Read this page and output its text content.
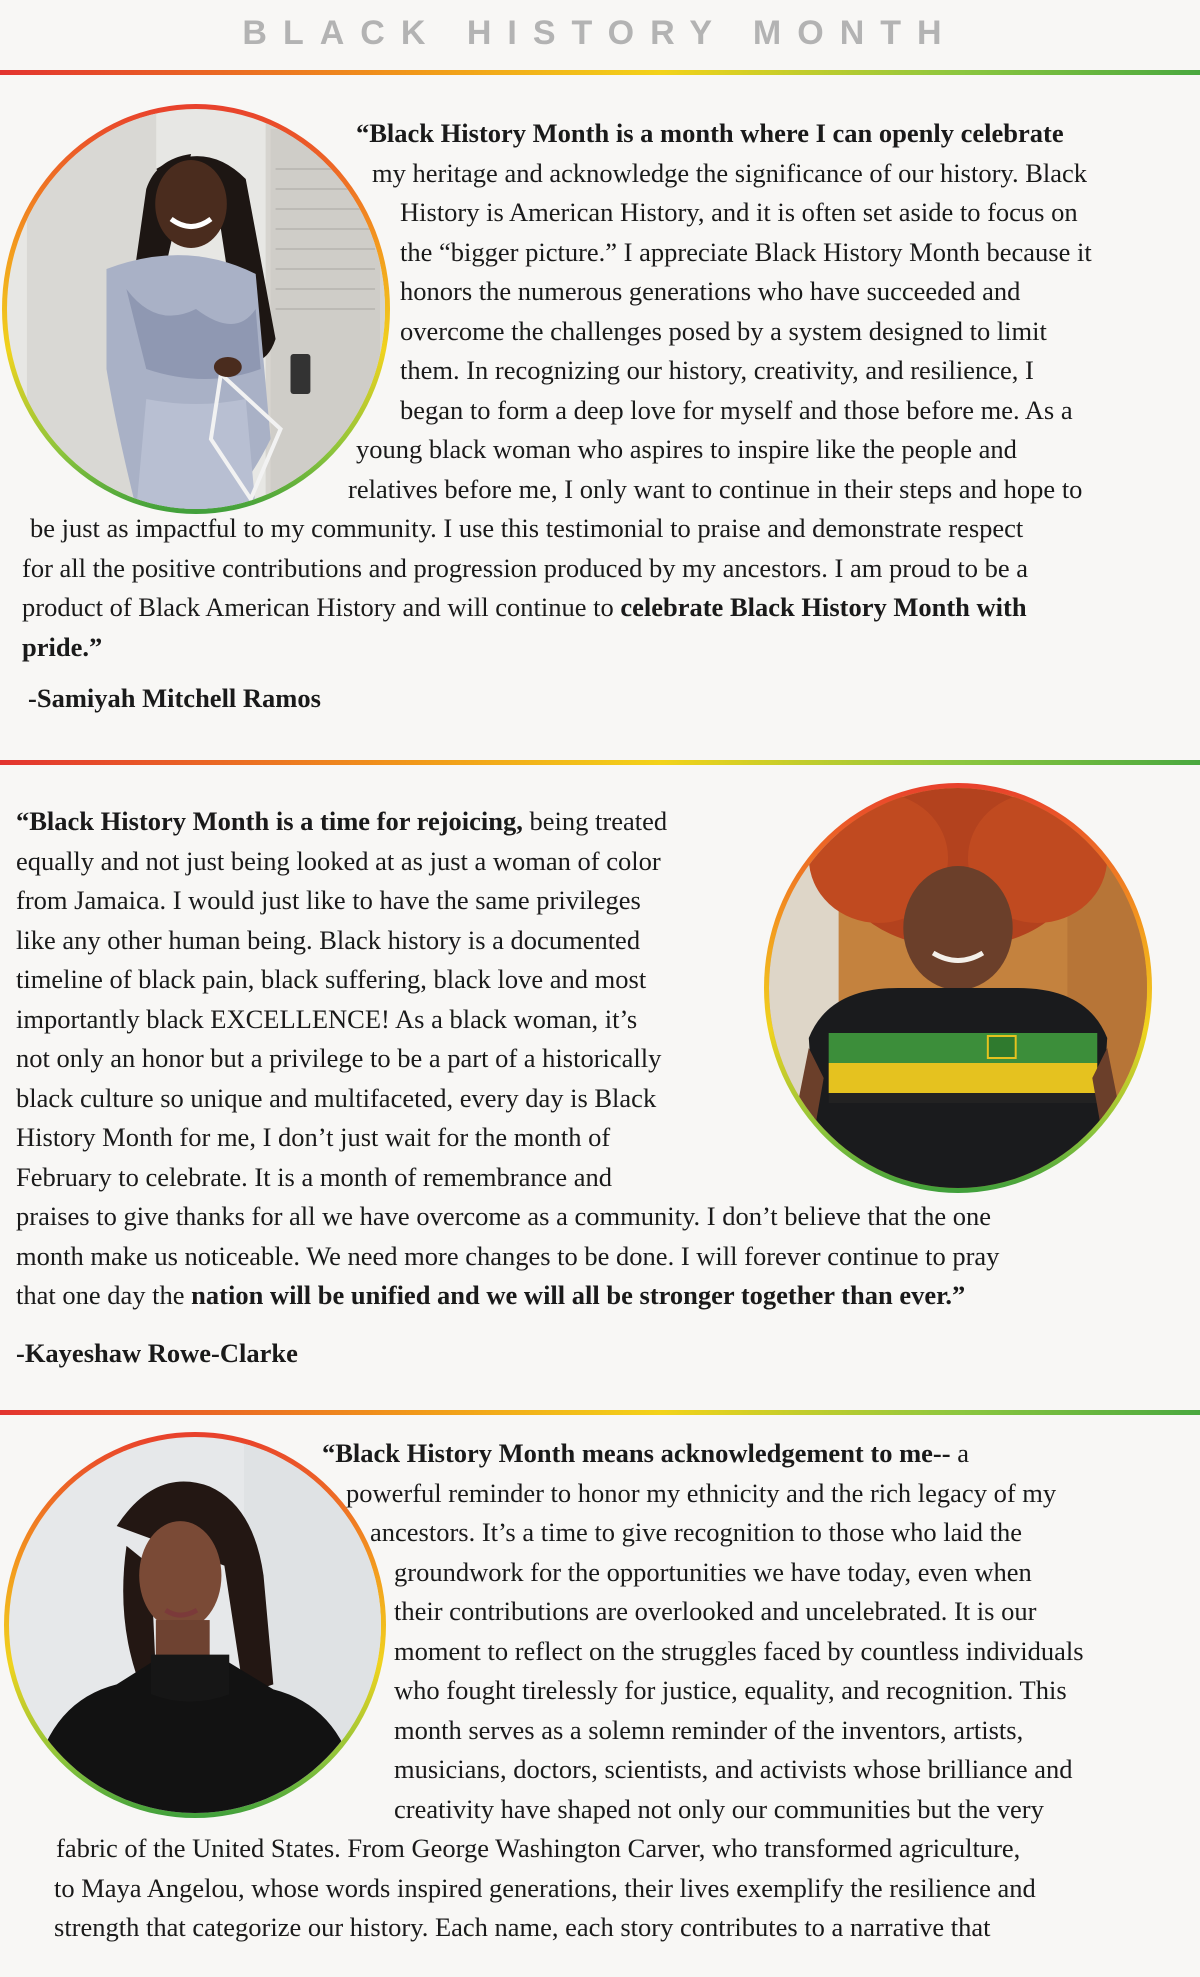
BLACK HISTORY MONTH
“Black History Month is a month where I can openly celebrate
my heritage and acknowledge the significance of our history. Black
History is American History, and it is often set aside to focus on
the “bigger picture.” I appreciate Black History Month because it
honors the numerous generations who have succeeded and
overcome the challenges posed by a system designed to limit
them. In recognizing our history, creativity, and resilience, I
began to form a deep love for myself and those before me. As a
young black woman who aspires to inspire like the people and
relatives before me, I only want to continue in their steps and hope to
be just as impactful to my community. I use this testimonial to praise and demonstrate respect
for all the positive contributions and progression produced by my ancestors. I am proud to be a
product of Black American History and will continue to celebrate Black History Month with
pride.”
-Samiyah Mitchell Ramos
“Black History Month is a time for rejoicing, being treated
equally and not just being looked at as just a woman of color
from Jamaica. I would just like to have the same privileges
like any other human being. Black history is a documented
timeline of black pain, black suffering, black love and most
importantly black EXCELLENCE! As a black woman, it’s
not only an honor but a privilege to be a part of a historically
black culture so unique and multifaceted, every day is Black
History Month for me, I don’t just wait for the month of
February to celebrate. It is a month of remembrance and
praises to give thanks for all we have overcome as a community. I don’t believe that the one
month make us noticeable. We need more changes to be done. I will forever continue to pray
that one day the nation will be unified and we will all be stronger together than ever.”
-Kayeshaw Rowe-Clarke
“Black History Month means acknowledgement to me-- a
powerful reminder to honor my ethnicity and the rich legacy of my
ancestors. It’s a time to give recognition to those who laid the
groundwork for the opportunities we have today, even when
their contributions are overlooked and uncelebrated. It is our
moment to reflect on the struggles faced by countless individuals
who fought tirelessly for justice, equality, and recognition. This
month serves as a solemn reminder of the inventors, artists,
musicians, doctors, scientists, and activists whose brilliance and
creativity have shaped not only our communities but the very
fabric of the United States. From George Washington Carver, who transformed agriculture,
to Maya Angelou, whose words inspired generations, their lives exemplify the resilience and
strength that categorize our history. Each name, each story contributes to a narrative that
